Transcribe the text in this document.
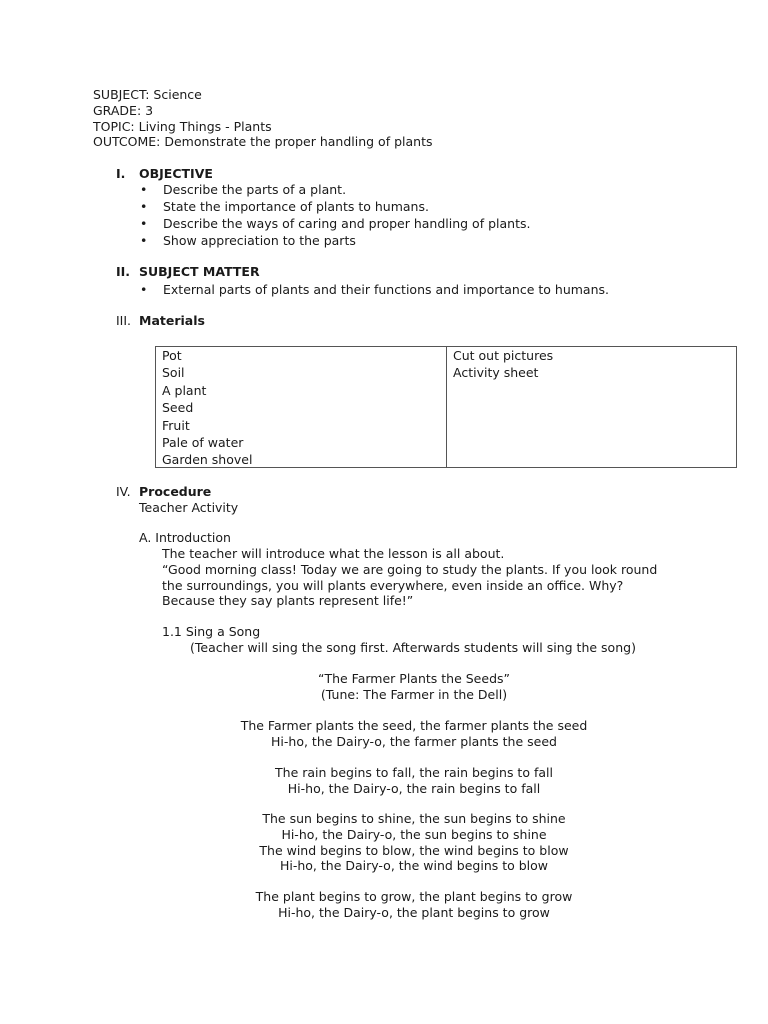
SUBJECT: Science
GRADE: 3
TOPIC: Living Things - Plants
OUTCOME: Demonstrate the proper handling of plants
I. OBJECTIVE
• Describe the parts of a plant.
• State the importance of plants to humans.
• Describe the ways of caring and proper handling of plants.
• Show appreciation to the parts
II. SUBJECT MATTER
• External parts of plants and their functions and importance to humans.
III. Materials
Pot
Soil
A plant
Seed
Fruit
Pale of water
Garden shovel
Cut out pictures
Activity sheet
IV. Procedure
Teacher Activity
A. Introduction
The teacher will introduce what the lesson is all about.
“Good morning class! Today we are going to study the plants. If you look round
the surroundings, you will plants everywhere, even inside an office. Why?
Because they say plants represent life!”
1.1 Sing a Song
(Teacher will sing the song first. Afterwards students will sing the song)
“The Farmer Plants the Seeds”
(Tune: The Farmer in the Dell)
The Farmer plants the seed, the farmer plants the seed
Hi-ho, the Dairy-o, the farmer plants the seed
The rain begins to fall, the rain begins to fall
Hi-ho, the Dairy-o, the rain begins to fall
The sun begins to shine, the sun begins to shine
Hi-ho, the Dairy-o, the sun begins to shine
The wind begins to blow, the wind begins to blow
Hi-ho, the Dairy-o, the wind begins to blow
The plant begins to grow, the plant begins to grow
Hi-ho, the Dairy-o, the plant begins to grow
